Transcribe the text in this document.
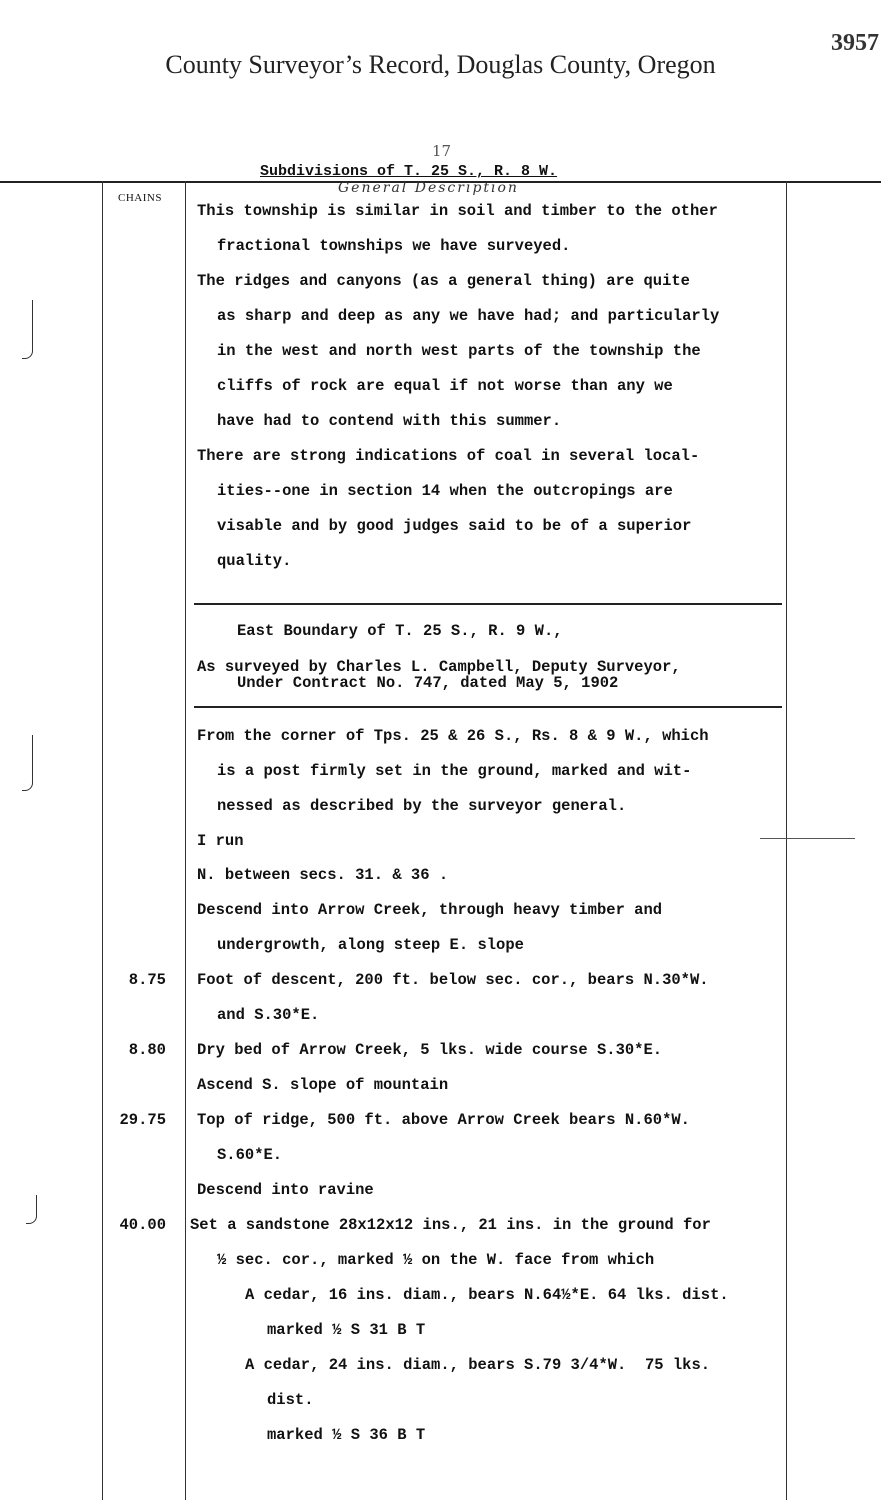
3957
County Surveyor’s Record, Douglas County, Oregon
17
Subdivisions of T. 25 S., R. 8 W.
General Description
CHAINS
This township is similar in soil and timber to the other
fractional townships we have surveyed.
The ridges and canyons (as a general thing) are quite
as sharp and deep as any we have had; and particularly
in the west and north west parts of the township the
cliffs of rock are equal if not worse than any we
have had to contend with this summer.
There are strong indications of coal in several local-
ities--one in section 14 when the outcropings are
visable and by good judges said to be of a superior
quality.
East Boundary of T. 25 S., R. 9 W.,
As surveyed by Charles L. Campbell, Deputy Surveyor,
Under Contract No. 747, dated May 5, 1902
From the corner of Tps. 25 & 26 S., Rs. 8 & 9 W., which
is a post firmly set in the ground, marked and wit-
nessed as described by the surveyor general.
I run
N. between secs. 31. & 36 .
Descend into Arrow Creek, through heavy timber and
undergrowth, along steep E. slope
8.75 Foot of descent, 200 ft. below sec. cor., bears N.30*W.
and S.30*E.
8.80 Dry bed of Arrow Creek, 5 lks. wide course S.30*E.
Ascend S. slope of mountain
29.75 Top of ridge, 500 ft. above Arrow Creek bears N.60*W.
S.60*E.
Descend into ravine
40.00 Set a sandstone 28x12x12 ins., 21 ins. in the ground for
½ sec. cor., marked ½ on the W. face from which
A cedar, 16 ins. diam., bears N.64½*E. 64 lks. dist.
marked ½ S 31 B T
A cedar, 24 ins. diam., bears S.79 3/4*W.  75 lks.
dist.
marked ½ S 36 B T
